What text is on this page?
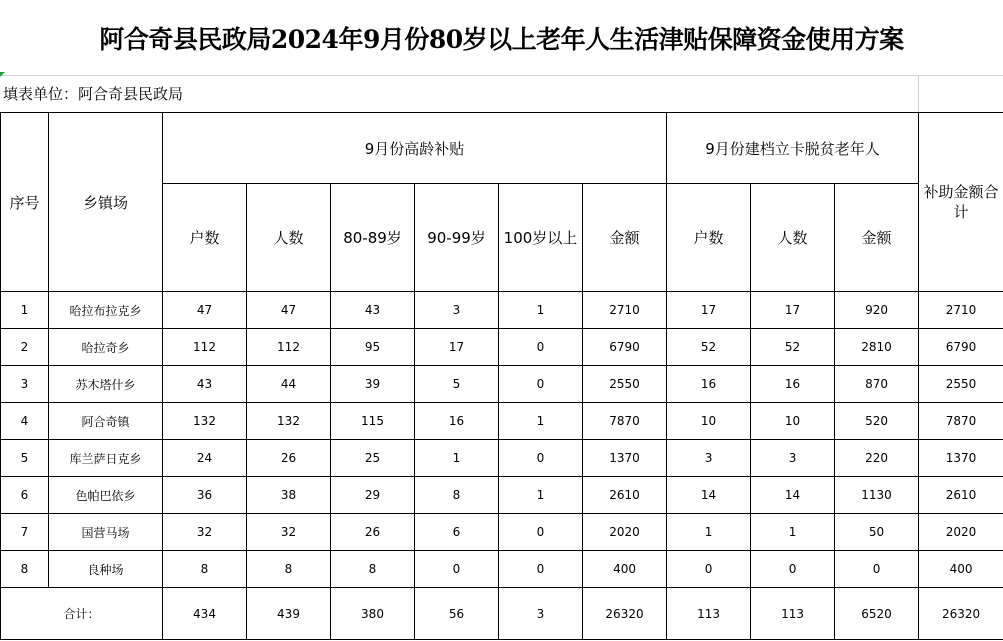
阿合奇县民政局2024年9月份80岁以上老年人生活津贴保障资金使用方案
填表单位：阿合奇县民政局
序号	乡镇场	9月份高龄补贴						9月份建档立卡脱贫老年人			补助金额合计
		户数	人数	80-89岁	90-99岁	100岁以上	金额	户数	人数	金额	
1	哈拉布拉克乡	47	47	43	3	1	2710	17	17	920	2710
2	哈拉奇乡	112	112	95	17	0	6790	52	52	2810	6790
3	苏木塔什乡	43	44	39	5	0	2550	16	16	870	2550
4	阿合奇镇	132	132	115	16	1	7870	10	10	520	7870
5	库兰萨日克乡	24	26	25	1	0	1370	3	3	220	1370
6	色帕巴依乡	36	38	29	8	1	2610	14	14	1130	2610
7	国营马场	32	32	26	6	0	2020	1	1	50	2020
8	良种场	8	8	8	0	0	400	0	0	0	400
合计：		434	439	380	56	3	26320	113	113	6520	26320
